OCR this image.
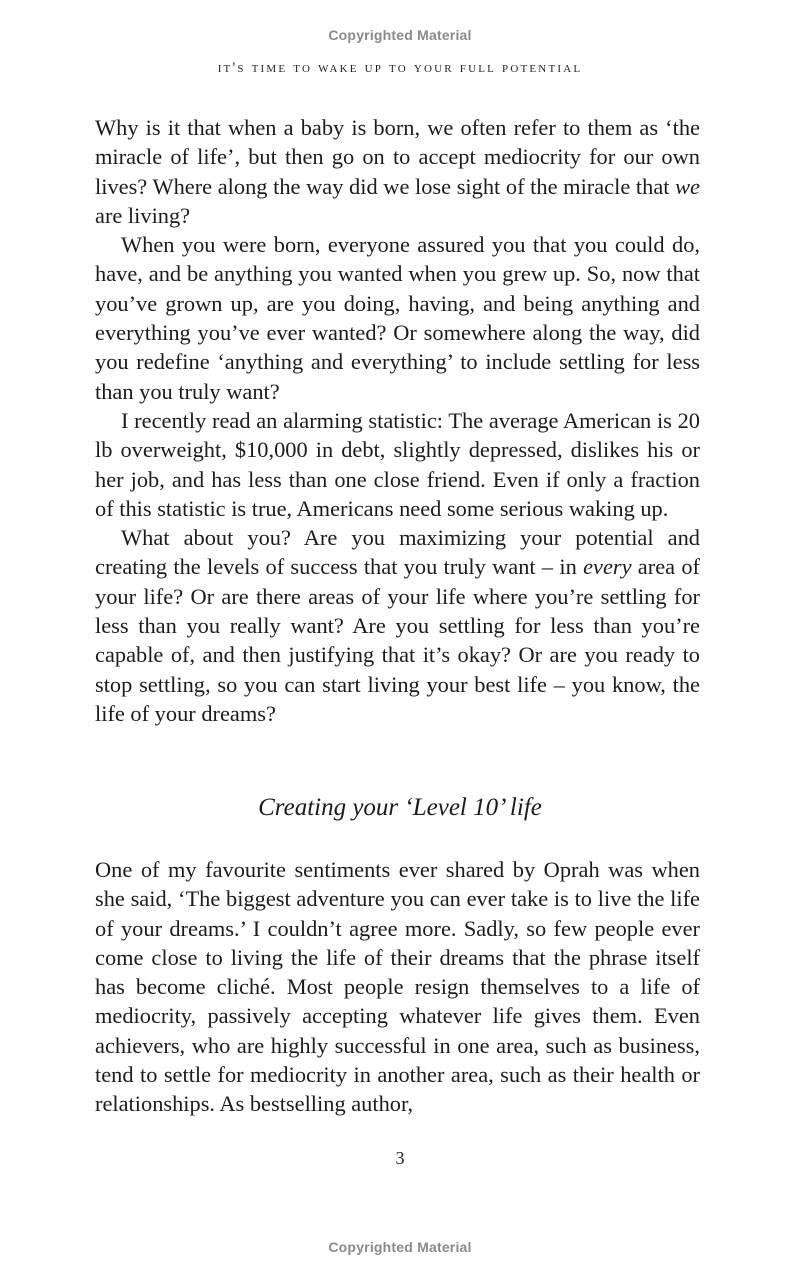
Copyrighted Material
it's time to wake up to your full potential

Why is it that when a baby is born, we often refer to them as ‘the miracle of life’, but then go on to accept mediocrity for our own lives? Where along the way did we lose sight of the miracle that we are living?

When you were born, everyone assured you that you could do, have, and be anything you wanted when you grew up. So, now that you’ve grown up, are you doing, having, and being anything and everything you’ve ever wanted? Or somewhere along the way, did you redefine ‘anything and everything’ to include settling for less than you truly want?

I recently read an alarming statistic: The average American is 20 lb overweight, $10,000 in debt, slightly depressed, dislikes his or her job, and has less than one close friend. Even if only a fraction of this statistic is true, Americans need some serious waking up.

What about you? Are you maximizing your potential and creating the levels of success that you truly want – in every area of your life? Or are there areas of your life where you’re settling for less than you really want? Are you settling for less than you’re capable of, and then justifying that it’s okay? Or are you ready to stop settling, so you can start living your best life – you know, the life of your dreams?

Creating your ‘Level 10’ life

One of my favourite sentiments ever shared by Oprah was when she said, ‘The biggest adventure you can ever take is to live the life of your dreams.’ I couldn’t agree more. Sadly, so few people ever come close to living the life of their dreams that the phrase itself has become cliché. Most people resign themselves to a life of mediocrity, passively accepting whatever life gives them. Even achievers, who are highly successful in one area, such as business, tend to settle for mediocrity in another area, such as their health or relationships. As bestselling author,

3
Copyrighted Material
